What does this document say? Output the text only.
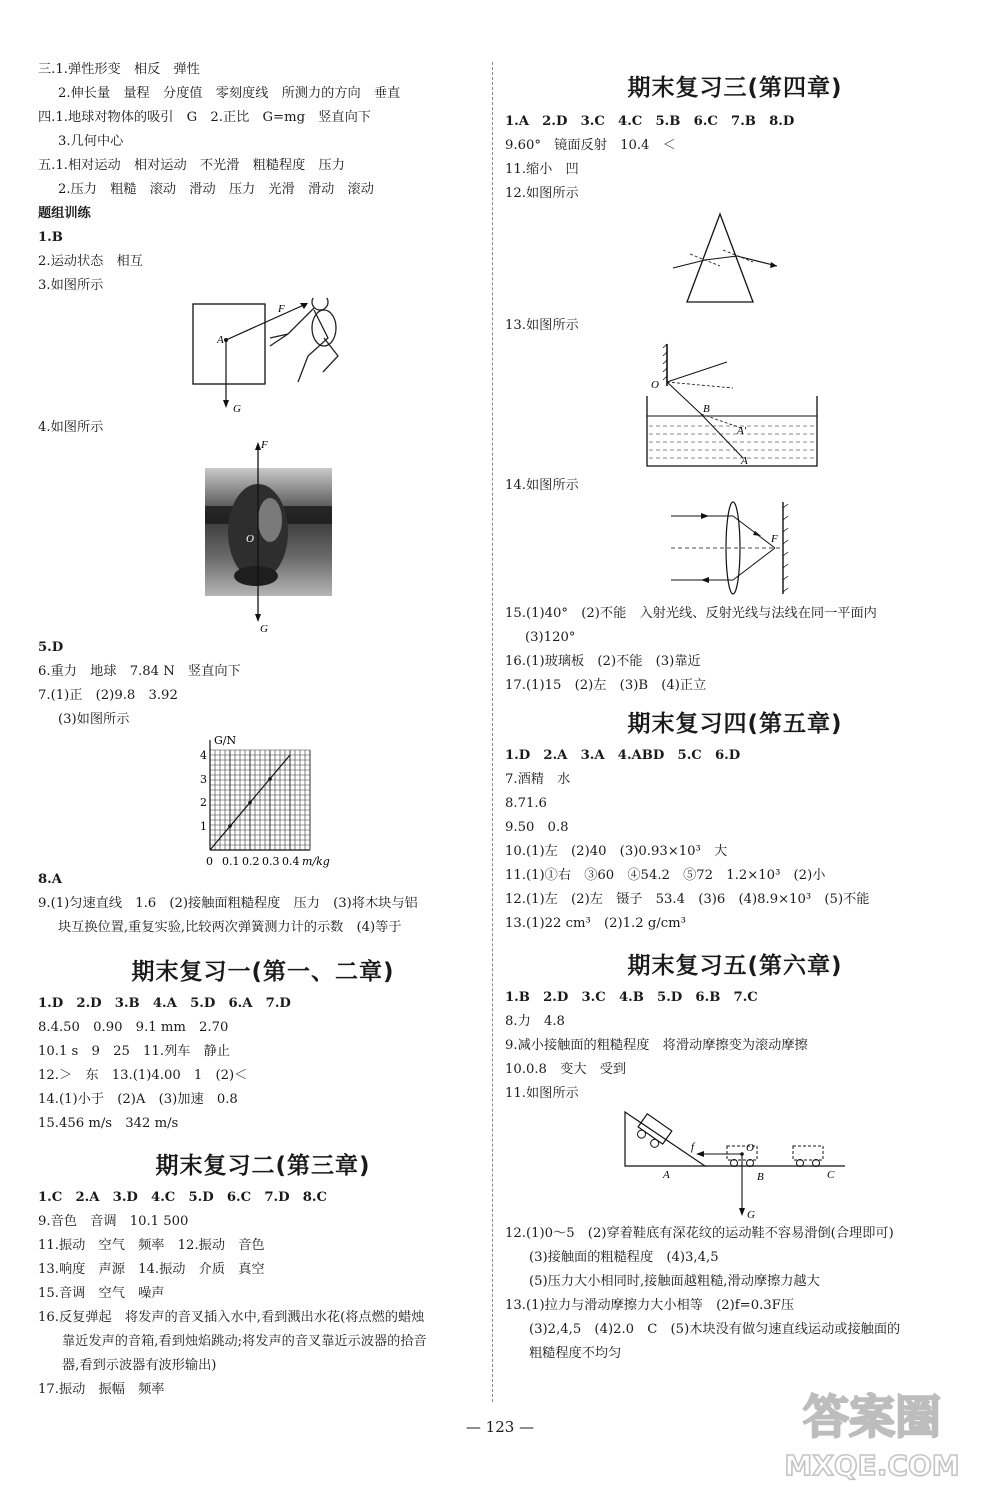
三.1.弹性形变　相反　弹性
2.伸长量　量程　分度值　零刻度线　所测力的方向　垂直
四.1.地球对物体的吸引　G　2.正比　G=mg　竖直向下
3.几何中心
五.1.相对运动　相对运动　不光滑　粗糙程度　压力
2.压力　粗糙　滚动　滑动　压力　光滑　滑动　滚动
题组训练
1.B
2.运动状态　相互
3.如图所示
A
F
G
4.如图所示
F
O
G
5.D
6.重力　地球　7.84 N　竖直向下
7.(1)正　(2)9.8　3.92
(3)如图所示
G/N
4
3
2
1
0 0.1 0.2 0.3 0.4 m/kg
8.A
9.(1)匀速直线　1.6　(2)接触面粗糙程度　压力　(3)将木块与铝
块互换位置,重复实验,比较两次弹簧测力计的示数　(4)等于
期末复习一(第一、二章)
1.D　2.D　3.B　4.A　5.D　6.A　7.D
8.4.50　0.90　9.1 mm　2.70
10.1 s　9　25　11.列车　静止
12.＞　东　13.(1)4.00　1　(2)＜
14.(1)小于　(2)A　(3)加速　0.8
15.456 m/s　342 m/s
期末复习二(第三章)
1.C　2.A　3.D　4.C　5.D　6.C　7.D　8.C
9.音色　音调　10.1 500
11.振动　空气　频率　12.振动　音色
13.响度　声源　14.振动　介质　真空
15.音调　空气　噪声
16.反复弹起　将发声的音叉插入水中,看到溅出水花(将点燃的蜡烛
靠近发声的音箱,看到烛焰跳动;将发声的音叉靠近示波器的拾音
器,看到示波器有波形输出)
17.振动　振幅　频率
期末复习三(第四章)
1.A　2.D　3.C　4.C　5.B　6.C　7.B　8.D
9.60°　镜面反射　10.4　＜
11.缩小　凹
12.如图所示
13.如图所示
O
B
A'
A
14.如图所示
F
15.(1)40°　(2)不能　入射光线、反射光线与法线在同一平面内
(3)120°
16.(1)玻璃板　(2)不能　(3)靠近
17.(1)15　(2)左　(3)B　(4)正立
期末复习四(第五章)
1.D　2.A　3.A　4.ABD　5.C　6.D
7.酒精　水
8.71.6
9.50　0.8
10.(1)左　(2)40　(3)0.93×10³　大
11.(1)①右　③60　④54.2　⑤72　1.2×10³　(2)小
12.(1)左　(2)左　镊子　53.4　(3)6　(4)8.9×10³　(5)不能
13.(1)22 cm³　(2)1.2 g/cm³
期末复习五(第六章)
1.B　2.D　3.C　4.B　5.D　6.B　7.C
8.力　4.8
9.减小接触面的粗糙程度　将滑动摩擦变为滚动摩擦
10.0.8　变大　受到
11.如图所示
f	O
A	B	C
G
12.(1)0～5　(2)穿着鞋底有深花纹的运动鞋不容易滑倒(合理即可)
(3)接触面的粗糙程度　(4)3,4,5
(5)压力大小相同时,接触面越粗糙,滑动摩擦力越大
13.(1)拉力与滑动摩擦力大小相等　(2)f=0.3F压
(3)2,4,5　(4)2.0　C　(5)木块没有做匀速直线运动或接触面的
粗糙程度不均匀
— 123 —	答案圈
MXQE.COM
